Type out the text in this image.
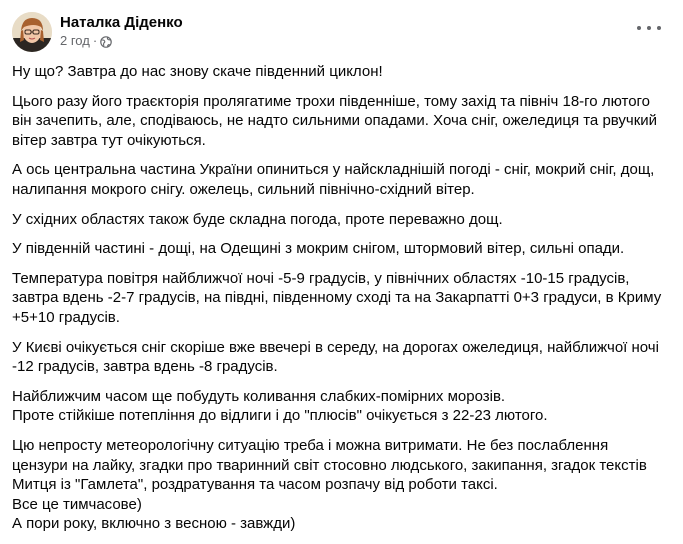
Наталка Діденко
2 год ·

Ну що? Завтра до нас знову скаче південний циклон!

Цього разу його траєкторія пролягатиме трохи південніше, тому захід та північ 18-го лютого
він зачепить, але, сподіваюсь, не надто сильними опадами. Хоча сніг, ожеледиця та рвучкий
вітер завтра тут очікуються.

А ось центральна частина України опиниться у найскладнішій погоді - сніг, мокрий сніг, дощ,
налипання мокрого снігу. ожелець, сильний північно-східний вітер.

У східних областях також буде складна погода, проте переважно дощ.

У південній частині - дощі, на Одещині з мокрим снігом, штормовий вітер, сильні опади.

Температура повітря найближчої ночі -5-9 градусів, у північних областях -10-15 градусів,
завтра вдень -2-7 градусів, на півдні, південному сході та на Закарпатті 0+3 градуси, в Криму
+5+10 градусів.

У Києві очікується сніг скоріше вже ввечері в середу, на дорогах ожеледиця, найближчої ночі
-12 градусів, завтра вдень -8 градусів.

Найближчим часом ще побудуть коливання слабких-помірних морозів.
Проте стійкіше потепління до відлиги і до "плюсів" очікується з 22-23 лютого.

Цю непросту метеорологічну ситуацію треба і можна витримати. Не без послаблення
цензури на лайку, згадки про тваринний світ стосовно людського, закипання, згадок текстів
Митця із "Гамлета", роздратування та часом розпачу від роботи таксі.
Все це тимчасове)
А пори року, включно з весною - завжди)
